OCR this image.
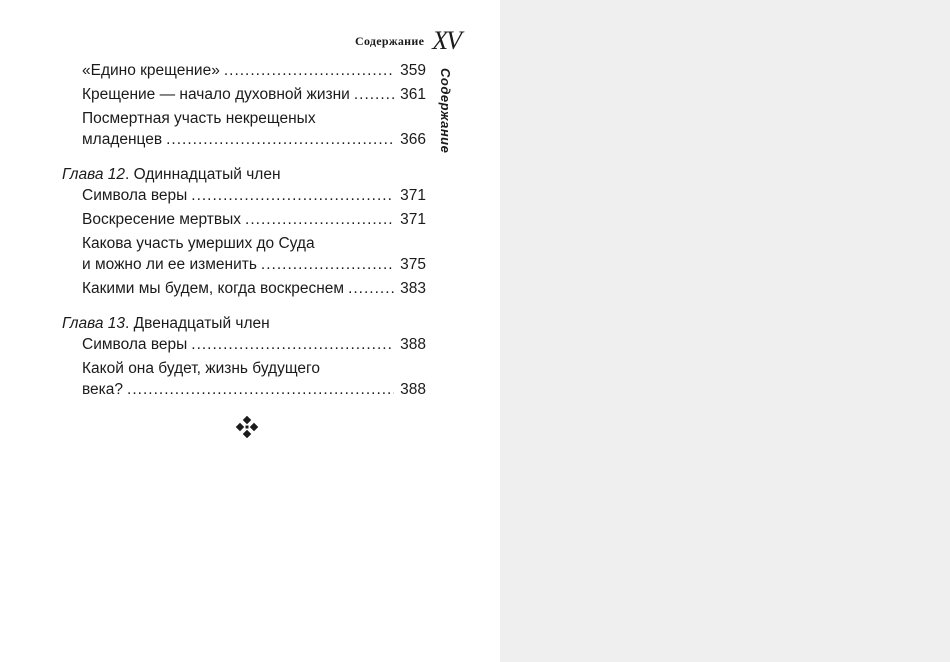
Содержание XV
Содержание
«Едино крещение» .....	359
Крещение — начало духовной жизни .....	361
Посмертная участь некрещеных
младенцев .....	366
Глава 12. Одиннадцатый член
Символа веры .....	371
Воскресение мертвых .....	371
Какова участь умерших до Суда
и можно ли ее изменить .....	375
Какими мы будем, когда воскреснем .....	383
Глава 13. Двенадцатый член
Символа веры .....	388
Какой она будет, жизнь будущего
века? .....	388
